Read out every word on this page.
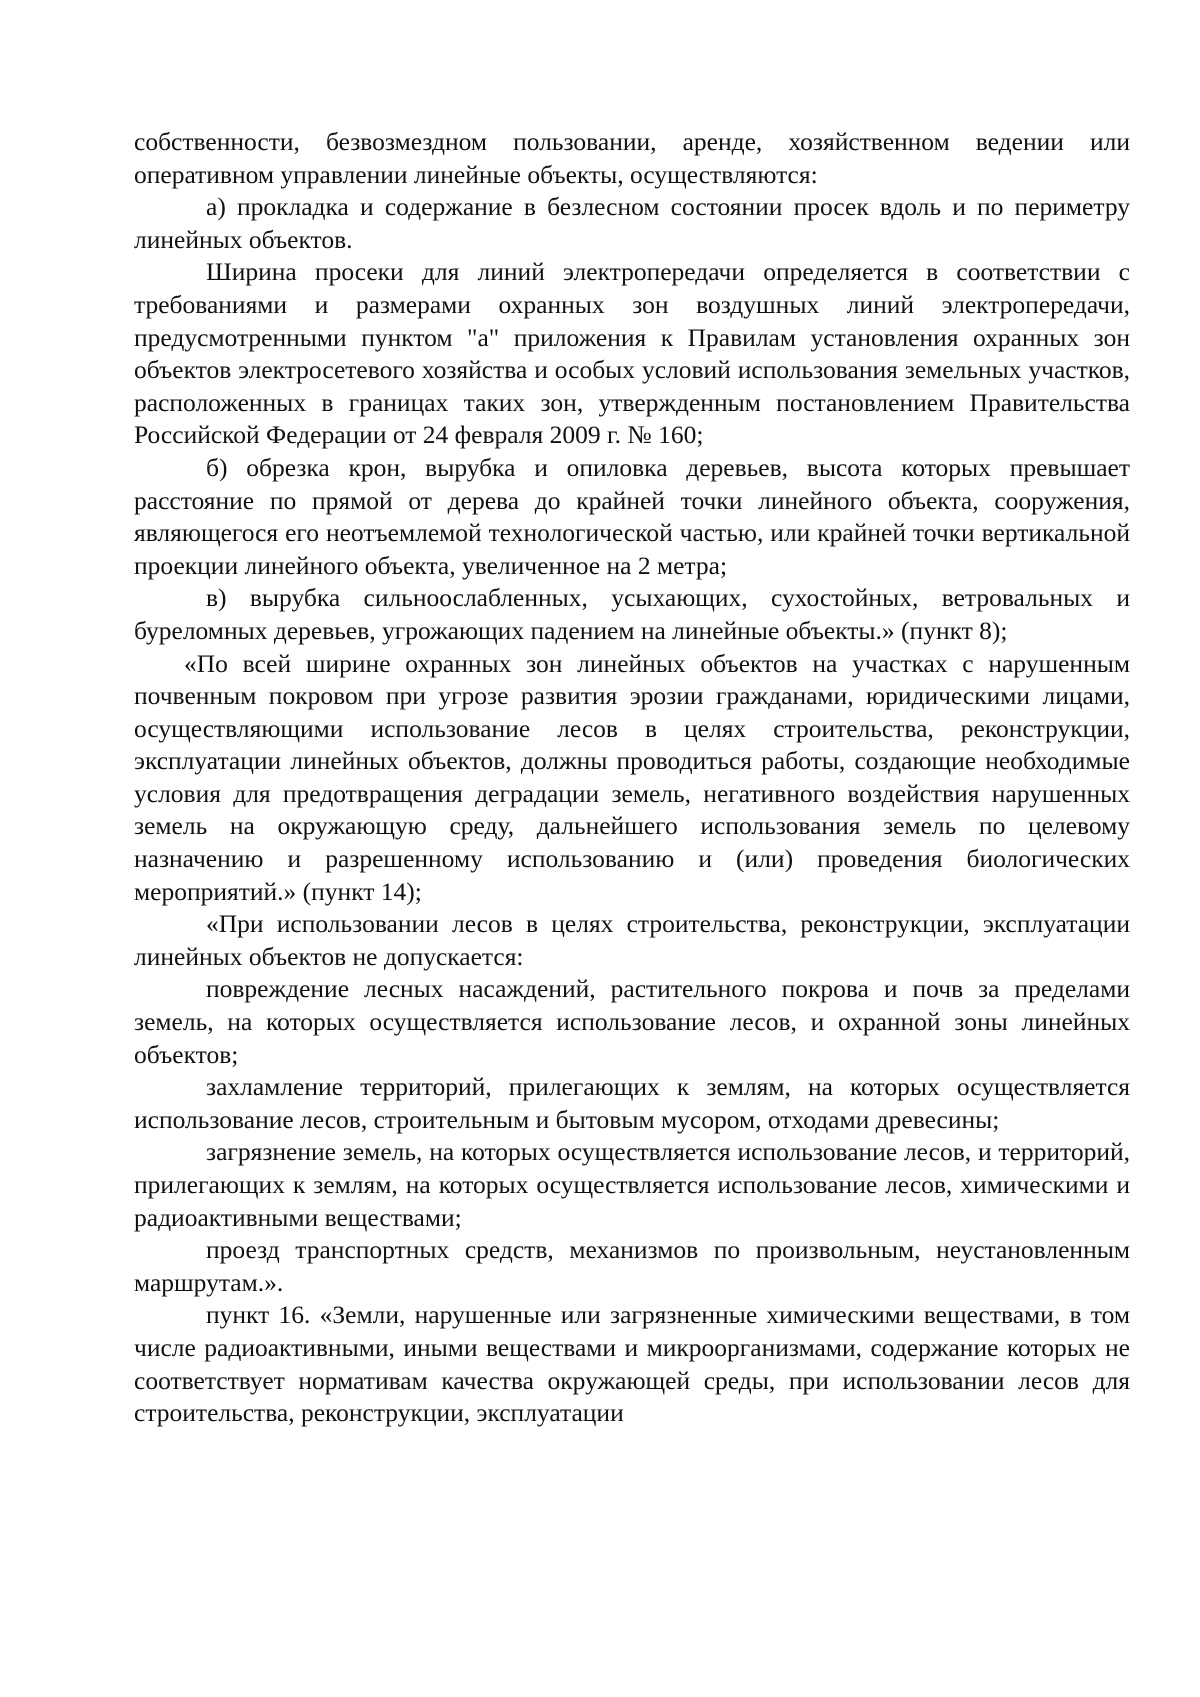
собственности, безвозмездном пользовании, аренде, хозяйственном ведении или оперативном управлении линейные объекты, осуществляются:

а) прокладка и содержание в безлесном состоянии просек вдоль и по периметру линейных объектов.

Ширина просеки для линий электропередачи определяется в соответствии с требованиями и размерами охранных зон воздушных линий электропередачи, предусмотренными пунктом "а" приложения к Правилам установления охранных зон объектов электросетевого хозяйства и особых условий использования земельных участков, расположенных в границах таких зон, утвержденным постановлением Правительства Российской Федерации от 24 февраля 2009 г. № 160;

б) обрезка крон, вырубка и опиловка деревьев, высота которых превышает расстояние по прямой от дерева до крайней точки линейного объекта, сооружения, являющегося его неотъемлемой технологической частью, или крайней точки вертикальной проекции линейного объекта, увеличенное на 2 метра;

в) вырубка сильноослабленных, усыхающих, сухостойных, ветровальных и буреломных деревьев, угрожающих падением на линейные объекты.» (пункт 8);

«По всей ширине охранных зон линейных объектов на участках с нарушенным почвенным покровом при угрозе развития эрозии гражданами, юридическими лицами, осуществляющими использование лесов в целях строительства, реконструкции, эксплуатации линейных объектов, должны проводиться работы, создающие необходимые условия для предотвращения деградации земель, негативного воздействия нарушенных земель на окружающую среду, дальнейшего использования земель по целевому назначению и разрешенному использованию и (или) проведения биологических мероприятий.» (пункт 14);

«При использовании лесов в целях строительства, реконструкции, эксплуатации линейных объектов не допускается:

повреждение лесных насаждений, растительного покрова и почв за пределами земель, на которых осуществляется использование лесов, и охранной зоны линейных объектов;

захламление территорий, прилегающих к землям, на которых осуществляется использование лесов, строительным и бытовым мусором, отходами древесины;

загрязнение земель, на которых осуществляется использование лесов, и территорий, прилегающих к землям, на которых осуществляется использование лесов, химическими и радиоактивными веществами;

проезд транспортных средств, механизмов по произвольным, неустановленным маршрутам.».

пункт 16. «Земли, нарушенные или загрязненные химическими веществами, в том числе радиоактивными, иными веществами и микроорганизмами, содержание которых не соответствует нормативам качества окружающей среды, при использовании лесов для строительства, реконструкции, эксплуатации
